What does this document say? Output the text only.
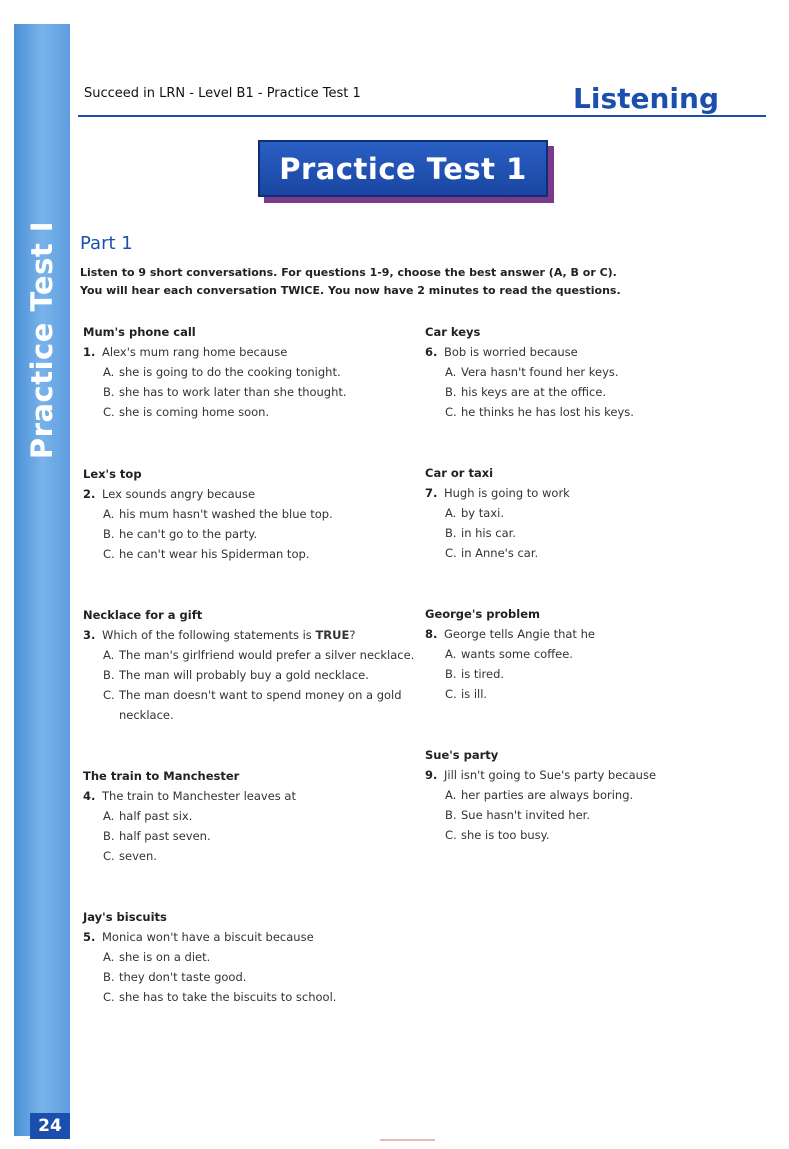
Practice Test I
24
Succeed in LRN - Level B1 - Practice Test 1	Listening
Practice Test 1
Part 1
Listen to 9 short conversations. For questions 1-9, choose the best answer (A, B or C).
You will hear each conversation TWICE. You now have 2 minutes to read the questions.
Mum's phone call
1. Alex's mum rang home because
A. she is going to do the cooking tonight.
B. she has to work later than she thought.
C. she is coming home soon.
Lex's top
2. Lex sounds angry because
A. his mum hasn't washed the blue top.
B. he can't go to the party.
C. he can't wear his Spiderman top.
Necklace for a gift
3. Which of the following statements is TRUE?
A. The man's girlfriend would prefer a silver necklace.
B. The man will probably buy a gold necklace.
C. The man doesn't want to spend money on a gold
necklace.
The train to Manchester
4. The train to Manchester leaves at
A. half past six.
B. half past seven.
C. seven.
Jay's biscuits
5. Monica won't have a biscuit because
A. she is on a diet.
B. they don't taste good.
C. she has to take the biscuits to school.
Car keys
6. Bob is worried because
A. Vera hasn't found her keys.
B. his keys are at the office.
C. he thinks he has lost his keys.
Car or taxi
7. Hugh is going to work
A. by taxi.
B. in his car.
C. in Anne's car.
George's problem
8. George tells Angie that he
A. wants some coffee.
B. is tired.
C. is ill.
Sue's party
9. Jill isn't going to Sue's party because
A. her parties are always boring.
B. Sue hasn't invited her.
C. she is too busy.
